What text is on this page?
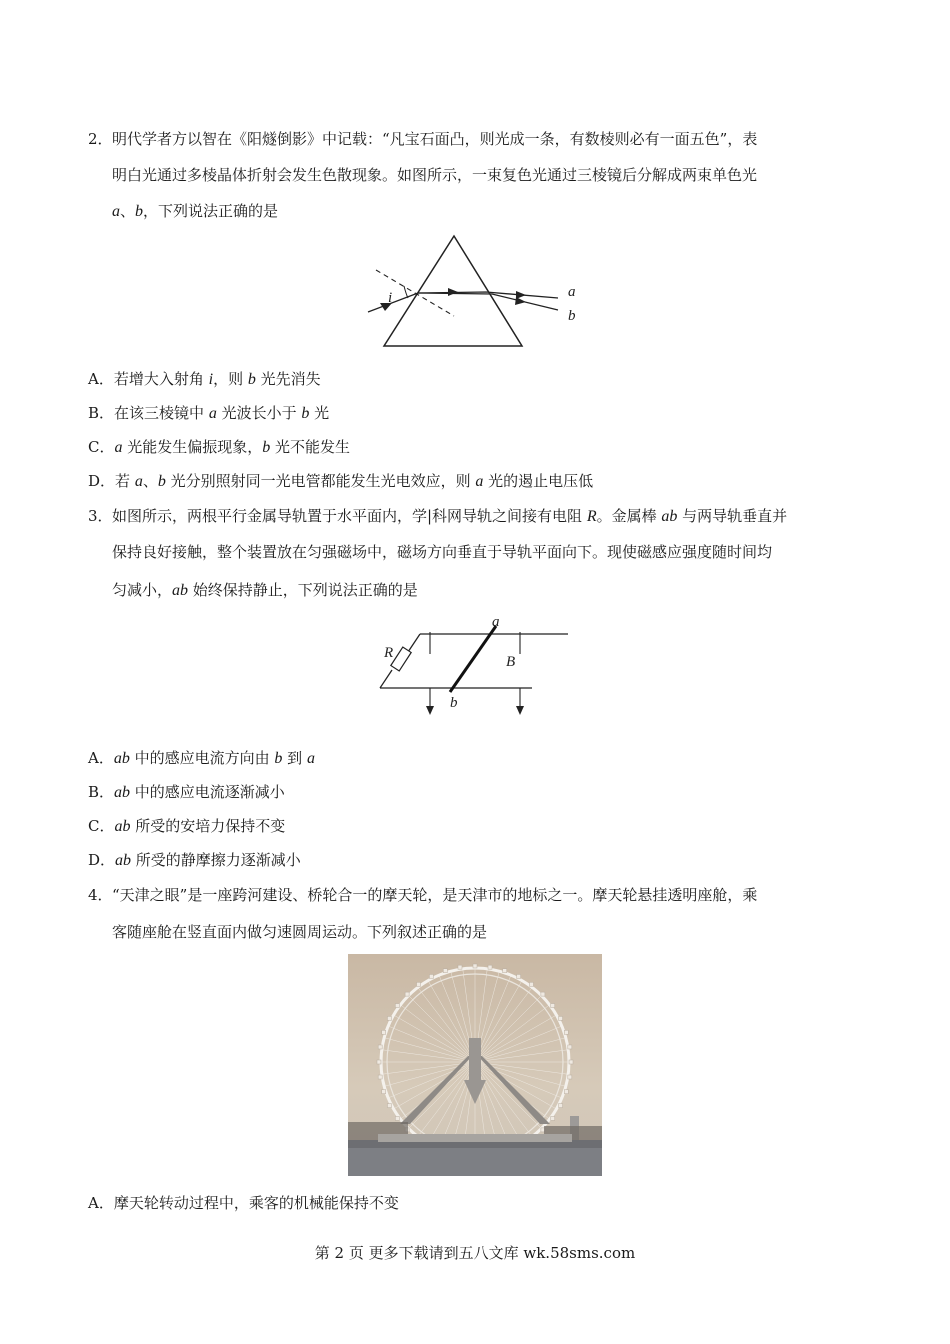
2． 明代学者方以智在《阳燧倒影》中记载：“凡宝石面凸，则光成一条，有数棱则必有一面五色”，表
明白光通过多棱晶体折射会发生色散现象。如图所示，一束复色光通过三棱镜后分解成两束单色光
a、b，下列说法正确的是
i	a
b
A．若增大入射角 i，则 b 光先消失
B．在该三棱镜中 a 光波长小于 b 光
C．a 光能发生偏振现象，b 光不能发生
D．若 a、b 光分别照射同一光电管都能发生光电效应，则 a 光的遏止电压低
3． 如图所示，两根平行金属导轨置于水平面内，学|科网导轨之间接有电阻 R。金属棒 ab 与两导轨垂直并
保持良好接触，整个装置放在匀强磁场中，磁场方向垂直于导轨平面向下。现使磁感应强度随时间均
匀减小，ab 始终保持静止，下列说法正确的是
R
a
B
b
A．ab 中的感应电流方向由 b 到 a
B．ab 中的感应电流逐渐减小
C．ab 所受的安培力保持不变
D．ab 所受的静摩擦力逐渐减小
4． “天津之眼”是一座跨河建设、桥轮合一的摩天轮，是天津市的地标之一。摩天轮悬挂透明座舱，乘
客随座舱在竖直面内做匀速圆周运动。下列叙述正确的是
A．摩天轮转动过程中，乘客的机械能保持不变
第 2 页 更多下载请到五八文库 wk.58sms.com
